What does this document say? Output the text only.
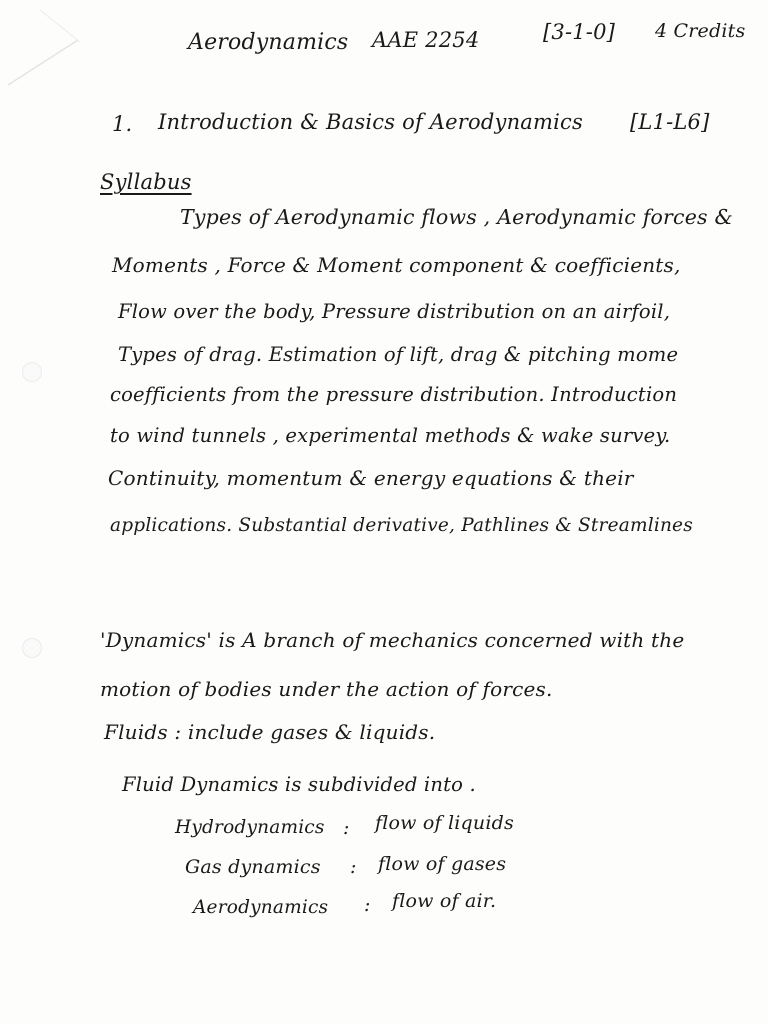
Aerodynamics AAE 2254	[3-1-0] 4 Credits
1. Introduction & Basics of Aerodynamics [L1-L6]
Syllabus
Types of Aerodynamic flows , Aerodynamic forces &
Moments , Force & Moment component & coefficients,
Flow over the body, Pressure distribution on an airfoil,
Types of drag. Estimation of lift, drag & pitching mome
coefficients from the pressure distribution. Introduction
to wind tunnels , experimental methods & wake survey.
Continuity, momentum & energy equations & their
applications. Substantial derivative, Pathlines & Streamlines
'Dynamics' is A branch of mechanics concerned with the
motion of bodies under the action of forces.
Fluids : include gases & liquids.
Fluid Dynamics is subdivided into .
Hydrodynamics : flow of liquids
Gas dynamics : flow of gases
Aerodynamics : flow of air.
